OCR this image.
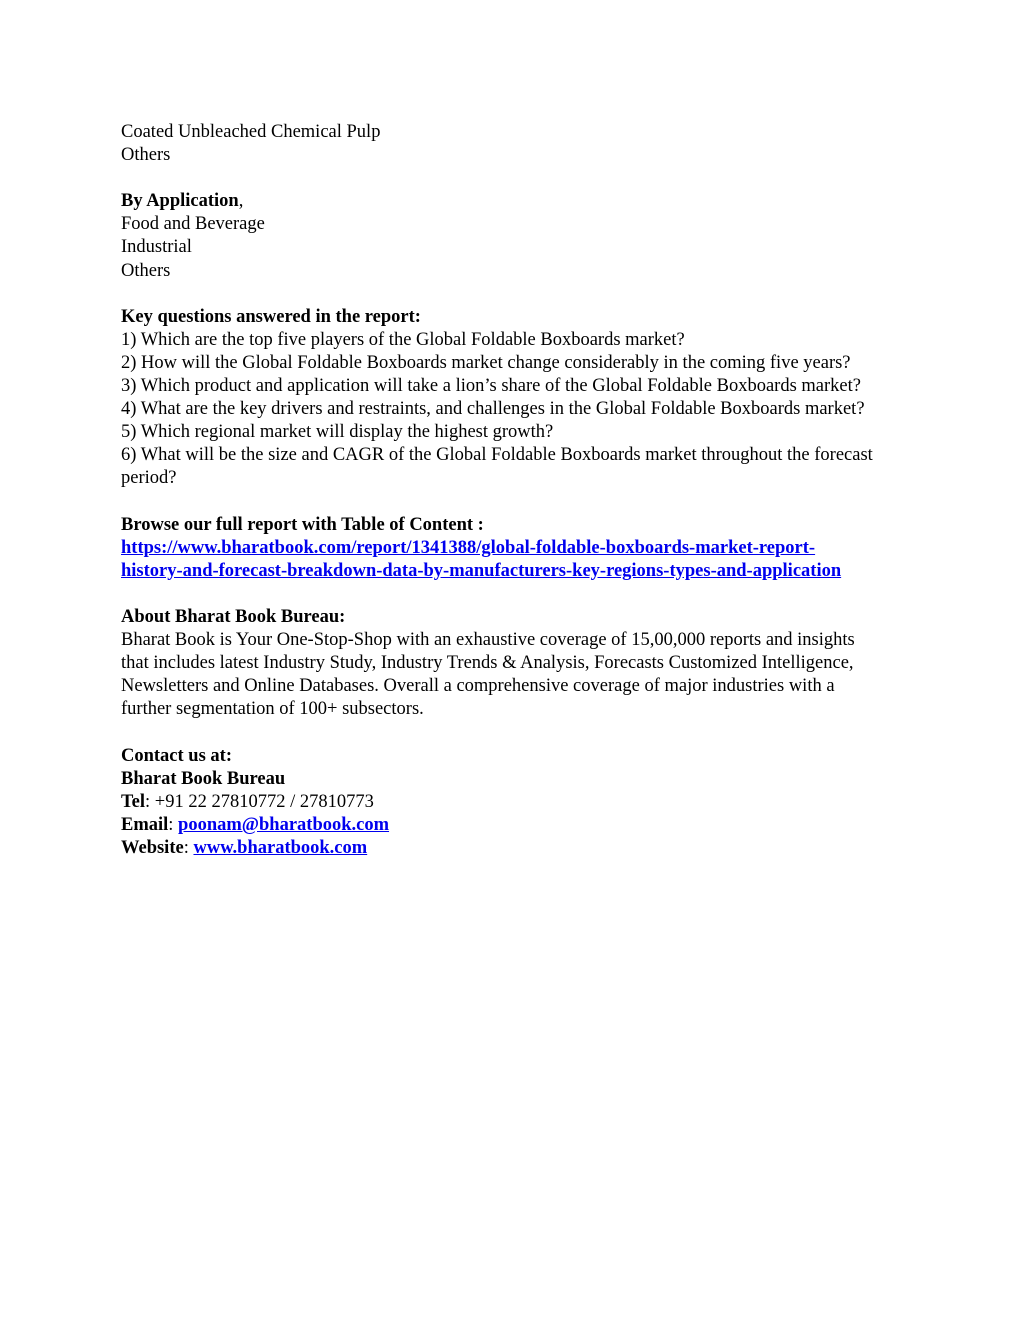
Coated Unbleached Chemical Pulp
Others
By Application,
Food and Beverage
Industrial
Others
Key questions answered in the report:
1) Which are the top five players of the Global Foldable Boxboards market?
2) How will the Global Foldable Boxboards market change considerably in the coming five years?
3) Which product and application will take a lion’s share of the Global Foldable Boxboards market?
4) What are the key drivers and restraints, and challenges in the Global Foldable Boxboards market?
5) Which regional market will display the highest growth?
6) What will be the size and CAGR of the Global Foldable Boxboards market throughout the forecast period?
Browse our full report with Table of Content :
https://www.bharatbook.com/report/1341388/global-foldable-boxboards-market-report-
history-and-forecast-breakdown-data-by-manufacturers-key-regions-types-and-application
About Bharat Book Bureau:
Bharat Book is Your One-Stop-Shop with an exhaustive coverage of 15,00,000 reports and insights that includes latest Industry Study, Industry Trends & Analysis, Forecasts Customized Intelligence, Newsletters and Online Databases. Overall a comprehensive coverage of major industries with a further segmentation of 100+ subsectors.
Contact us at:
Bharat Book Bureau
Tel: +91 22 27810772 / 27810773
Email: poonam@bharatbook.com
Website: www.bharatbook.com
